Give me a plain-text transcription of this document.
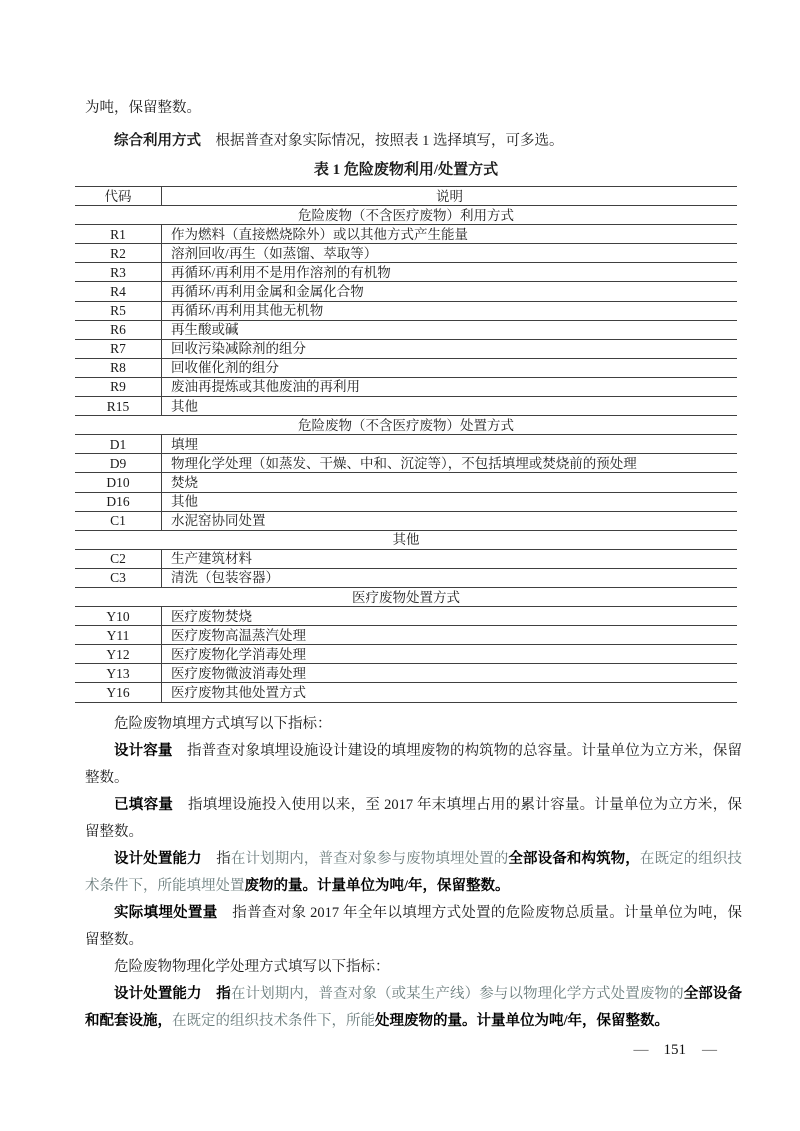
为吨，保留整数。

综合利用方式　根据普查对象实际情况，按照表 1 选择填写，可多选。

表 1 危险废物利用/处置方式
代码	说明
危险废物（不含医疗废物）利用方式
R1	作为燃料（直接燃烧除外）或以其他方式产生能量
R2	溶剂回收/再生（如蒸馏、萃取等）
R3	再循环/再利用不是用作溶剂的有机物
R4	再循环/再利用金属和金属化合物
R5	再循环/再利用其他无机物
R6	再生酸或碱
R7	回收污染减除剂的组分
R8	回收催化剂的组分
R9	废油再提炼或其他废油的再利用
R15	其他
危险废物（不含医疗废物）处置方式
D1	填埋
D9	物理化学处理（如蒸发、干燥、中和、沉淀等），不包括填埋或焚烧前的预处理
D10	焚烧
D16	其他
C1	水泥窑协同处置
其他
C2	生产建筑材料
C3	清洗（包装容器）
医疗废物处置方式
Y10	医疗废物焚烧
Y11	医疗废物高温蒸汽处理
Y12	医疗废物化学消毒处理
Y13	医疗废物微波消毒处理
Y16	医疗废物其他处置方式

危险废物填埋方式填写以下指标：

设计容量　指普查对象填埋设施设计建设的填埋废物的构筑物的总容量。计量单位为立方米，保留整数。

已填容量　指填埋设施投入使用以来，至 2017 年末填埋占用的累计容量。计量单位为立方米，保留整数。

设计处置能力　指在计划期内，普查对象参与废物填埋处置的全部设备和构筑物，在既定的组织技术条件下，所能填埋处置废物的量。计量单位为吨/年，保留整数。

实际填埋处置量　指普查对象 2017 年全年以填埋方式处置的危险废物总质量。计量单位为吨，保留整数。

危险废物物理化学处理方式填写以下指标：

设计处置能力　指在计划期内，普查对象（或某生产线）参与以物理化学方式处置废物的全部设备和配套设施，在既定的组织技术条件下，所能处理废物的量。计量单位为吨/年，保留整数。

— 151 —
